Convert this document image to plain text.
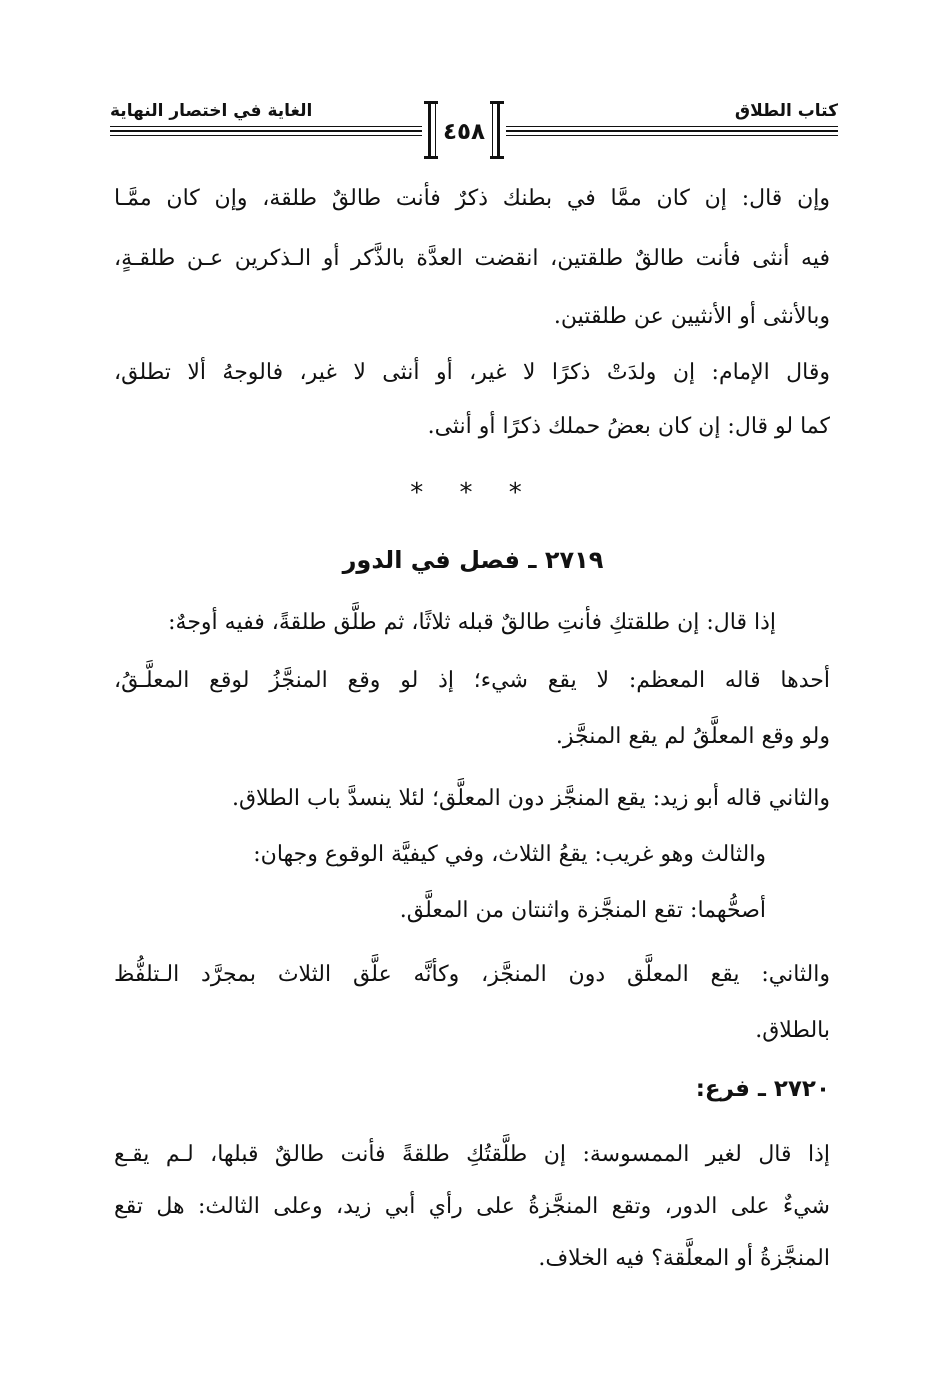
كتاب الطلاق
الغاية في اختصار النهاية
٤٥٨
وإن قال: إن كان ممَّا في بطنك ذكرٌ فأنت طالقٌ طلقة، وإن كان ممَّـا
فيه أنثى فأنت طالقٌ طلقتين، انقضت العدَّة بالذَّكر أو الـذكرين عـن طلقـةٍ،
وبالأنثى أو الأنثيين عن طلقتين.
وقال الإمام: إن ولدَتْ ذكرًا لا غير، أو أنثى لا غير، فالوجهُ ألا تطلق،
كما لو قال: إن كان بعضُ حملك ذكرًا أو أنثى.
* * *
٢٧١٩ ـ فصل في الدور
إذا قال: إن طلقتكِ فأنتِ طالقٌ قبله ثلاثًا، ثم طلَّق طلقةً، ففيه أوجهٌ:
أحدها قاله المعظم: لا يقع شيء؛ إذ لو وقع المنجَّزُ لوقع المعلَّـقُ،
ولو وقع المعلَّقُ لم يقع المنجَّز.
والثاني قاله أبو زيد: يقع المنجَّز دون المعلَّق؛ لئلا ينسدَّ باب الطلاق.
والثالث وهو غريب: يقعُ الثلاث، وفي كيفيَّة الوقوع وجهان:
أصحُّهما: تقع المنجَّزة واثنتان من المعلَّق.
والثاني: يقع المعلَّق دون المنجَّز، وكأنَّه علَّق الثلاث بمجرَّد الـتلفُّظ
بالطلاق.
٢٧٢٠ ـ فرع:
إذا قال لغير الممسوسة: إن طلَّقتُكِ طلقةً فأنت طالقٌ قبلها، لـم يقـع
شيءٌ على الدور، وتقع المنجَّزةُ على رأي أبي زيد، وعلى الثالث: هل تقع
المنجَّزةُ أو المعلَّقة؟ فيه الخلاف.
